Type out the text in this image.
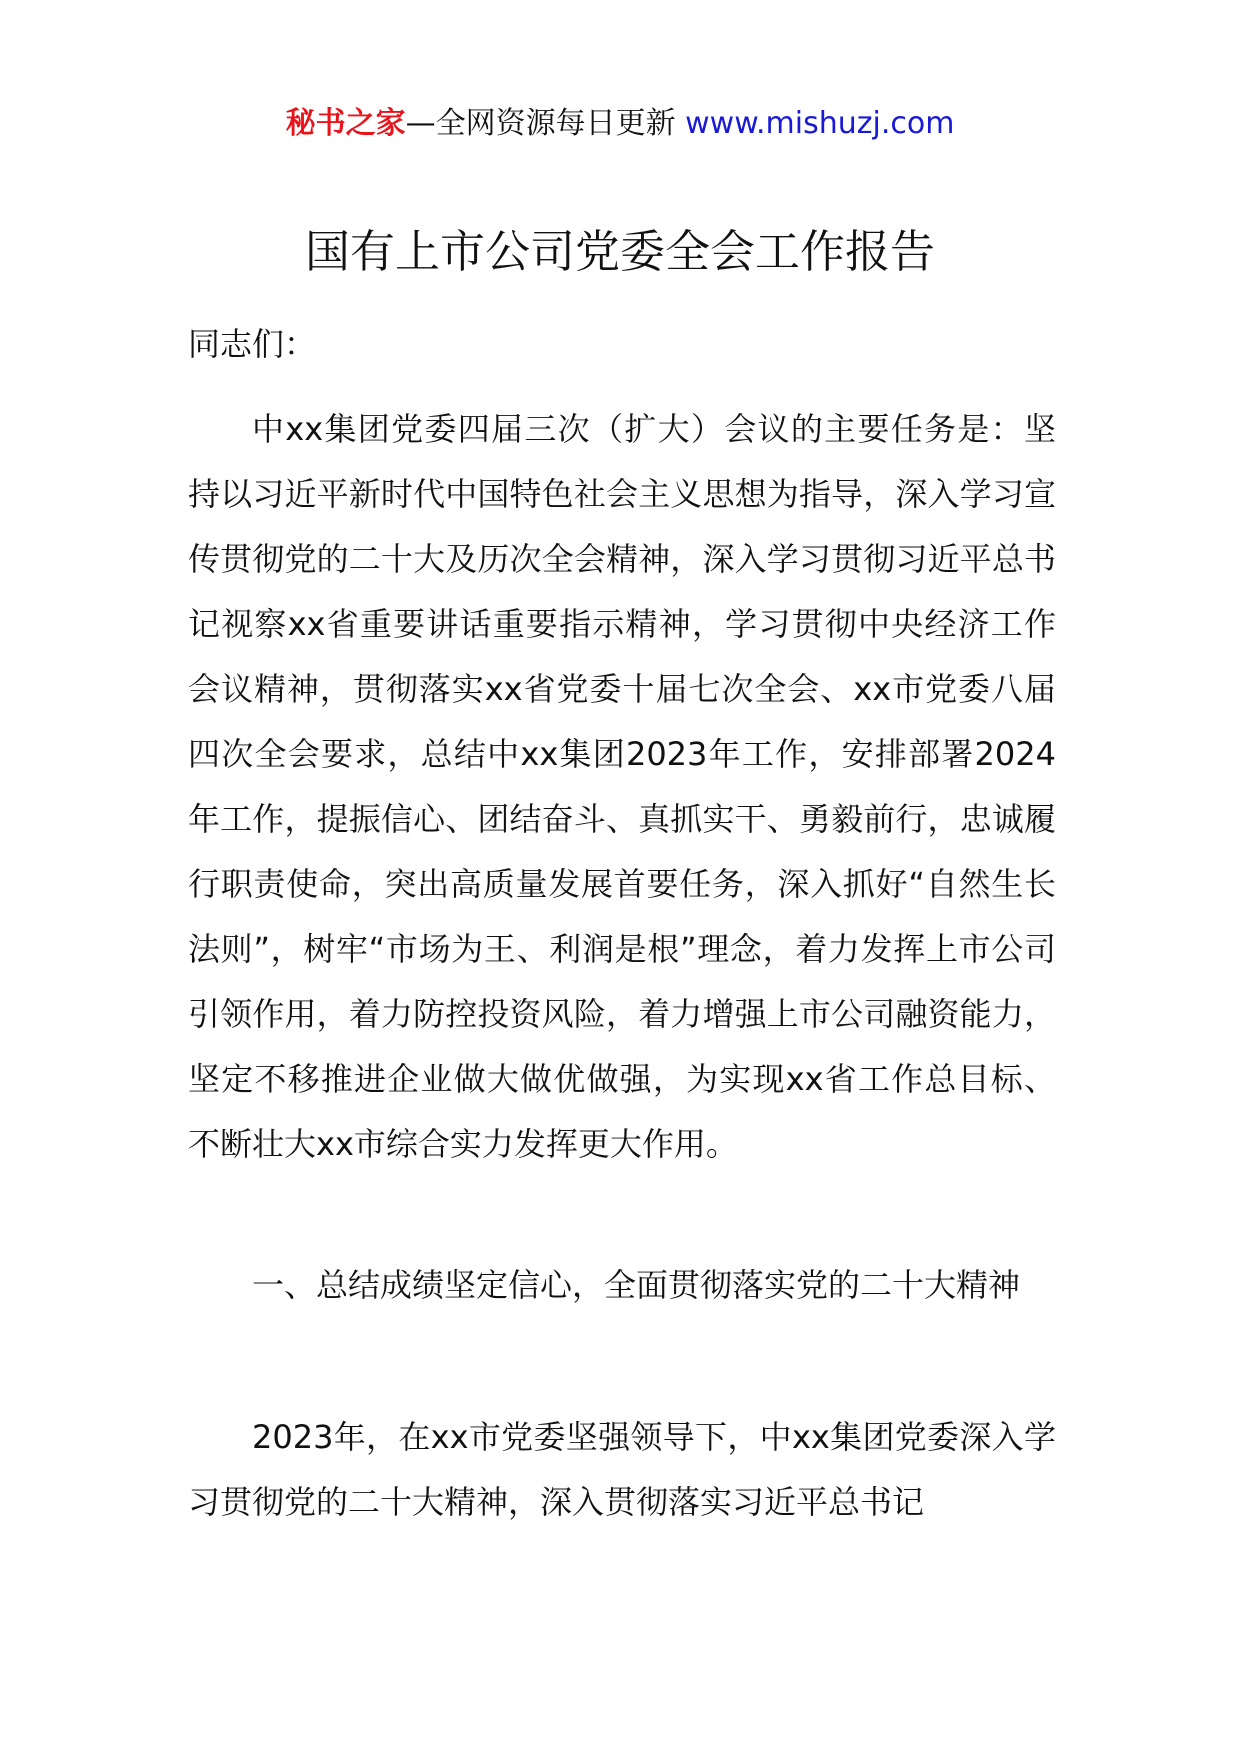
秘书之家—全网资源每日更新 www.mishuzj.com
国有上市公司党委全会工作报告

同志们：

中xx集团党委四届三次（扩大）会议的主要任务是：坚持以习近平新时代中国特色社会主义思想为指导，深入学习宣传贯彻党的二十大及历次全会精神，深入学习贯彻习近平总书记视察xx省重要讲话重要指示精神，学习贯彻中央经济工作会议精神，贯彻落实xx省党委十届七次全会、xx市党委八届四次全会要求，总结中xx集团2023年工作，安排部署2024年工作，提振信心、团结奋斗、真抓实干、勇毅前行，忠诚履行职责使命，突出高质量发展首要任务，深入抓好“自然生长法则”，树牢“市场为王、利润是根”理念，着力发挥上市公司引领作用，着力防控投资风险，着力增强上市公司融资能力，坚定不移推进企业做大做优做强，为实现xx省工作总目标、不断壮大xx市综合实力发挥更大作用。

一、总结成绩坚定信心，全面贯彻落实党的二十大精神

2023年，在xx市党委坚强领导下，中xx集团党委深入学习贯彻党的二十大精神，深入贯彻落实习近平总书记
